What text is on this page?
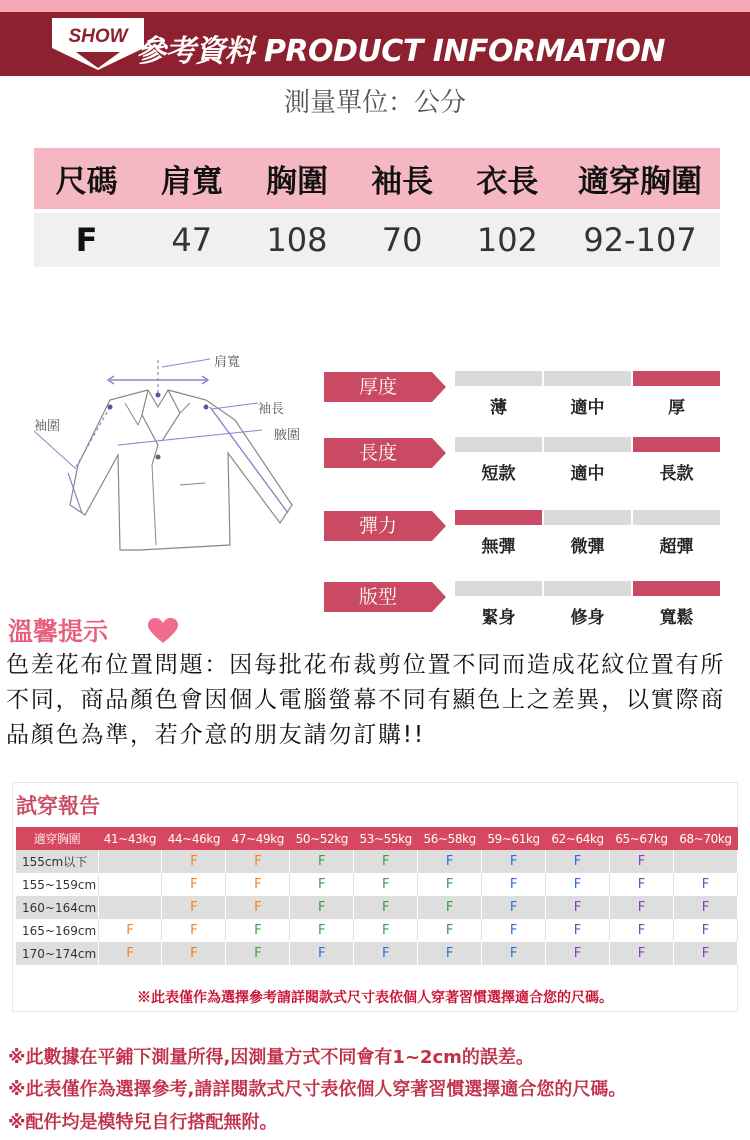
SHOW 參考資料 PRODUCT INFORMATION
測量單位：公分
尺碼	肩寬	胸圍	袖長	衣長	適穿胸圍
F	47	108	70	102	92-107
肩寬
袖圍
袖長
腋圍
厚度
薄	適中	厚
長度
短款	適中	長款
彈力
無彈	微彈	超彈
版型
緊身	修身	寬鬆
溫馨提示
色差花布位置問題：因每批花布裁剪位置不同而造成花紋位置有所不同，商品顏色會因個人電腦螢幕不同有顯色上之差異，以實際商品顏色為準，若介意的朋友請勿訂購!!
試穿報告
適穿胸圍	41~43kg	44~46kg	47~49kg	50~52kg	53~55kg	56~58kg	59~61kg	62~64kg	65~67kg	68~70kg
155cm以下		F	F	F	F	F	F	F	F	
155~159cm		F	F	F	F	F	F	F	F	F
160~164cm		F	F	F	F	F	F	F	F	F
165~169cm	F	F	F	F	F	F	F	F	F	F
170~174cm	F	F	F	F	F	F	F	F	F	F
※此表僅作為選擇參考請詳閱款式尺寸表依個人穿著習慣選擇適合您的尺碼。
※此數據在平鋪下測量所得,因測量方式不同會有1~2cm的誤差。
※此表僅作為選擇參考,請詳閱款式尺寸表依個人穿著習慣選擇適合您的尺碼。
※配件均是模特兒自行搭配無附。
